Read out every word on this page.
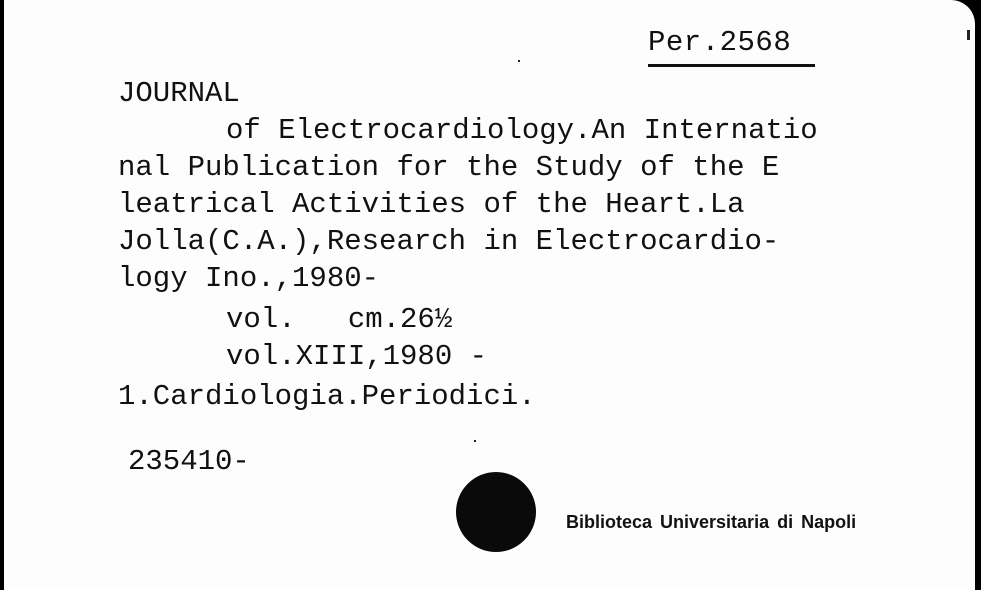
Per.2568
JOURNAL
of Electrocardiology.An Internatio
nal Publication for the Study of the E
leatrical Activities of the Heart.La
Jolla(C.A.),Research in Electrocardio-
logy Ino.,1980-
vol.   cm.26½
vol.XIII,1980 -
1.Cardiologia.Periodici.
235410-
Biblioteca Universitaria di Napoli
